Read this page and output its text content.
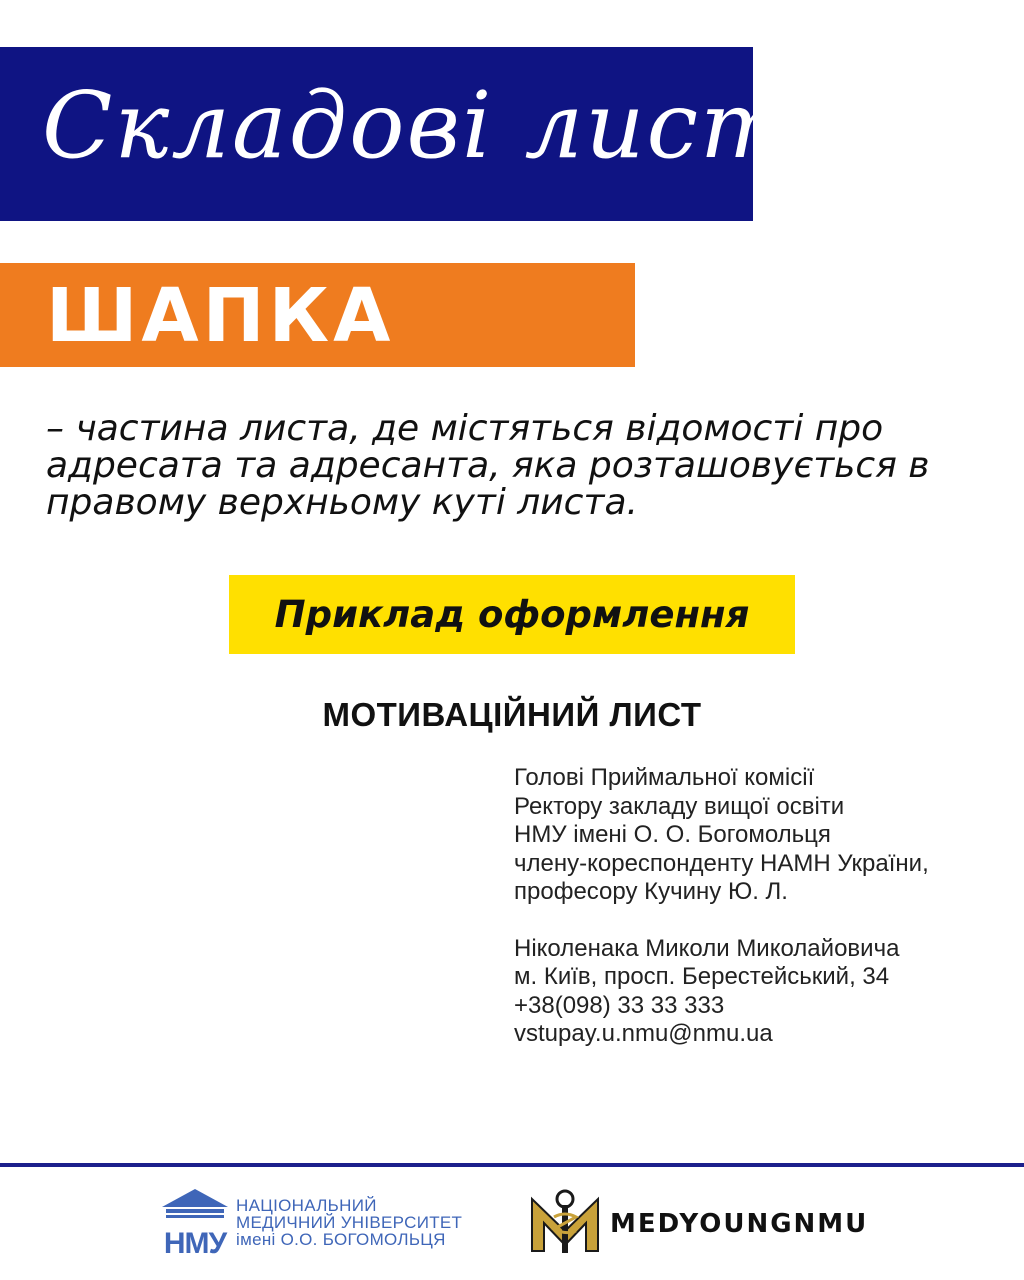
Складові листа
ШАПКА
– частина листа, де містяться відомості про адресата та адресанта, яка розташовується в правому верхньому куті листа.
Приклад оформлення
МОТИВАЦІЙНИЙ ЛИСТ
Голові Приймальної комісії
Ректору закладу вищої освіти
НМУ імені О. О. Богомольця
члену-кореспонденту НАМН України,
професору Кучину Ю. Л.
Ніколенака Миколи Миколайовича
м. Київ, просп. Берестейський, 34
+38(098) 33 33 333
vstupay.u.nmu@nmu.ua
НМУ
НАЦІОНАЛЬНИЙ
МЕДИЧНИЙ УНІВЕРСИТЕТ
імені О.О. БОГОМОЛЬЦЯ
MEDYOUNGNMU
